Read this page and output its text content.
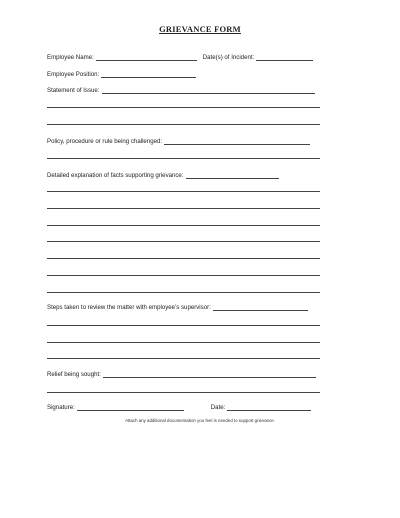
GRIEVANCE FORM
Employee Name:	Date(s) of Incident:
Employee Position:
Statement of Issue:
Policy, procedure or rule being challenged:
Detailed explanation of facts supporting grievance:
Steps taken to review the matter with employee’s supervisor:
Relief being sought:
Signature:	Date:
Attach any additional documentation you feel is needed to support grievance.
